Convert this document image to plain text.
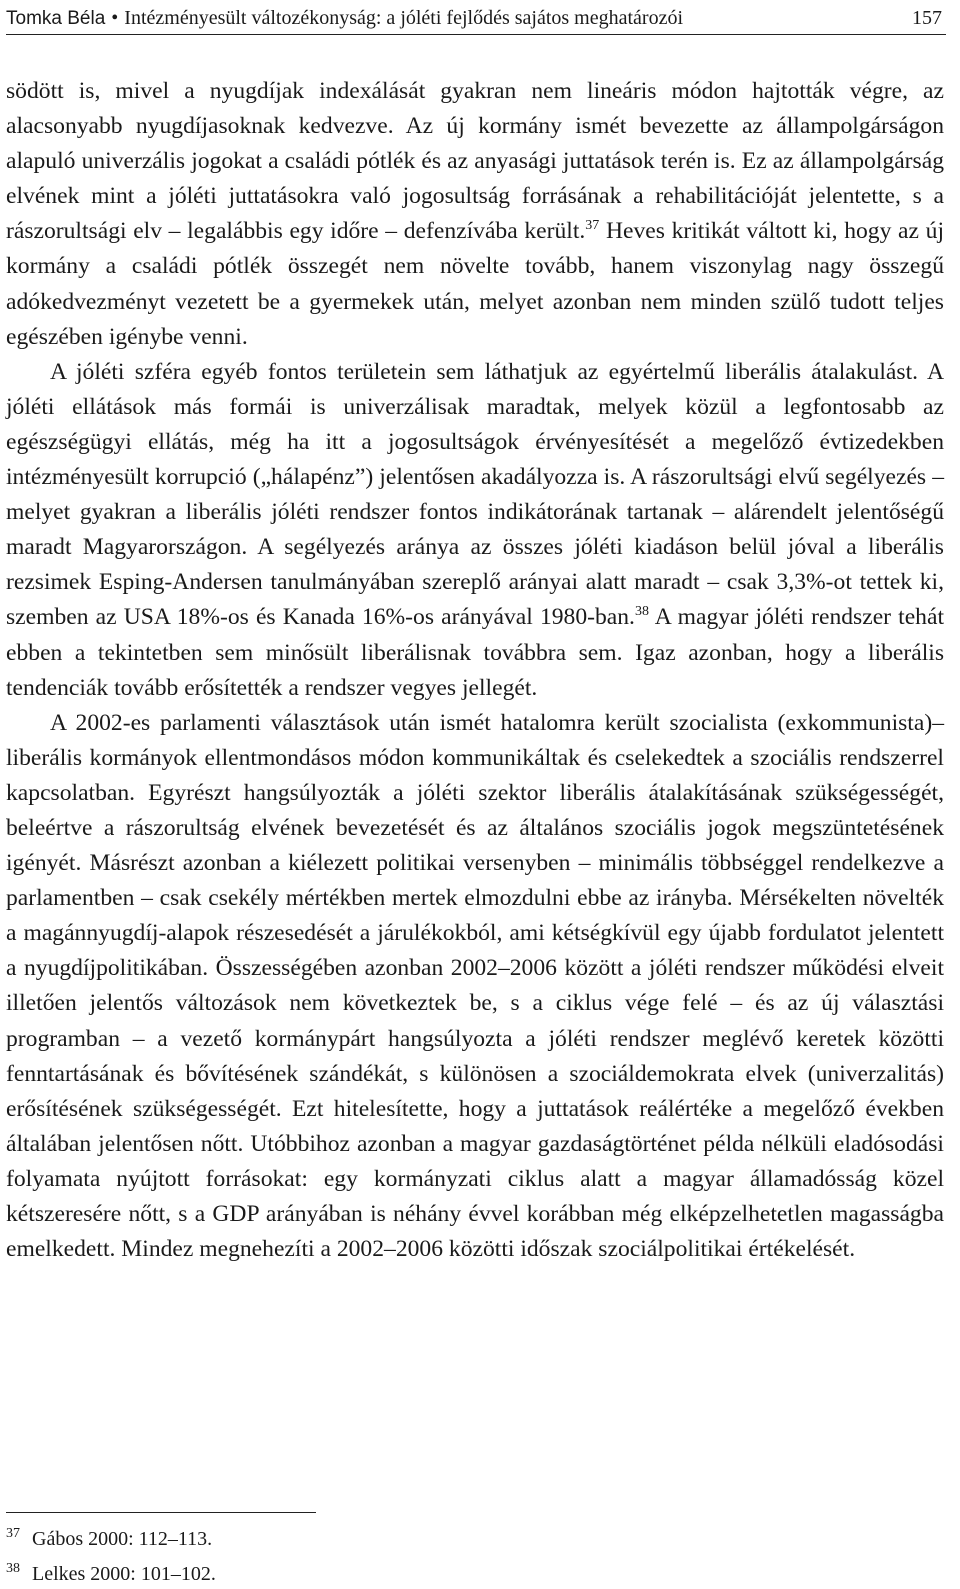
Tomka Béla • Intézményesült változékonyság: a jóléti fejlődés sajátos meghatározói	157

södött is, mivel a nyugdíjak indexálását gyakran nem lineáris módon hajtották végre, az alacsonyabb nyugdíjasoknak kedvezve. Az új kormány ismét bevezette az állampolgárságon alapuló univerzális jogokat a családi pótlék és az anyasági juttatások terén is. Ez az állampolgárság elvének mint a jóléti juttatásokra való jogosultság forrásának a rehabilitációját jelentette, s a rászorultsági elv – legalábbis egy időre – defenzívába került.$^{37}$ Heves kritikát váltott ki, hogy az új kormány a családi pótlék összegét nem növelte tovább, hanem viszonylag nagy összegű adókedvezményt vezetett be a gyermekek után, melyet azonban nem minden szülő tudott teljes egészében igénybe venni.

A jóléti szféra egyéb fontos területein sem láthatjuk az egyértelmű liberális átalakulást. A jóléti ellátások más formái is univerzálisak maradtak, melyek közül a legfontosabb az egészségügyi ellátás, még ha itt a jogosultságok érvényesítését a megelőző évtizedekben intézményesült korrupció („hálapénz”) jelentősen akadályozza is. A rászorultsági elvű segélyezés – melyet gyakran a liberális jóléti rendszer fontos indikátorának tartanak – alárendelt jelentőségű maradt Magyarországon. A segélyezés aránya az összes jóléti kiadáson belül jóval a liberális rezsimek Esping-Andersen tanulmányában szereplő arányai alatt maradt – csak 3,3%-ot tettek ki, szemben az USA 18%-os és Kanada 16%-os arányával 1980-ban.$^{38}$ A magyar jóléti rendszer tehát ebben a tekintetben sem minősült liberálisnak továbbra sem. Igaz azonban, hogy a liberális tendenciák tovább erősítették a rendszer vegyes jellegét.

A 2002-es parlamenti választások után ismét hatalomra került szocialista (exkommunista)–liberális kormányok ellentmondásos módon kommunikáltak és cselekedtek a szociális rendszerrel kapcsolatban. Egyrészt hangsúlyozták a jóléti szektor liberális átalakításának szükségességét, beleértve a rászorultság elvének bevezetését és az általános szociális jogok megszüntetésének igényét. Másrészt azonban a kiélezett politikai versenyben – minimális többséggel rendelkezve a parlamentben – csak csekély mértékben mertek elmozdulni ebbe az irányba. Mérsékelten növelték a magánnyugdíj-alapok részesedését a járulékokból, ami kétségkívül egy újabb fordulatot jelentett a nyugdíjpolitikában. Összességében azonban 2002–2006 között a jóléti rendszer működési elveit illetően jelentős változások nem következtek be, s a ciklus vége felé – és az új választási programban – a vezető kormánypárt hangsúlyozta a jóléti rendszer meglévő keretek közötti fenntartásának és bővítésének szándékát, s különösen a szociáldemokrata elvek (univerzalitás) erősítésének szükségességét. Ezt hitelesítette, hogy a juttatások reálértéke a megelőző években általában jelentősen nőtt. Utóbbihoz azonban a magyar gazdaságtörténet példa nélküli eladósodási folyamata nyújtott forrásokat: egy kormányzati ciklus alatt a magyar államadósság közel kétszeresére nőtt, s a GDP arányában is néhány évvel korábban még elképzelhetetlen magasságba emelkedett. Mindez megnehezíti a 2002–2006 közötti időszak szociálpolitikai értékelését.

$^{37}$ Gábos 2000: 112–113.
$^{38}$ Lelkes 2000: 101–102.
